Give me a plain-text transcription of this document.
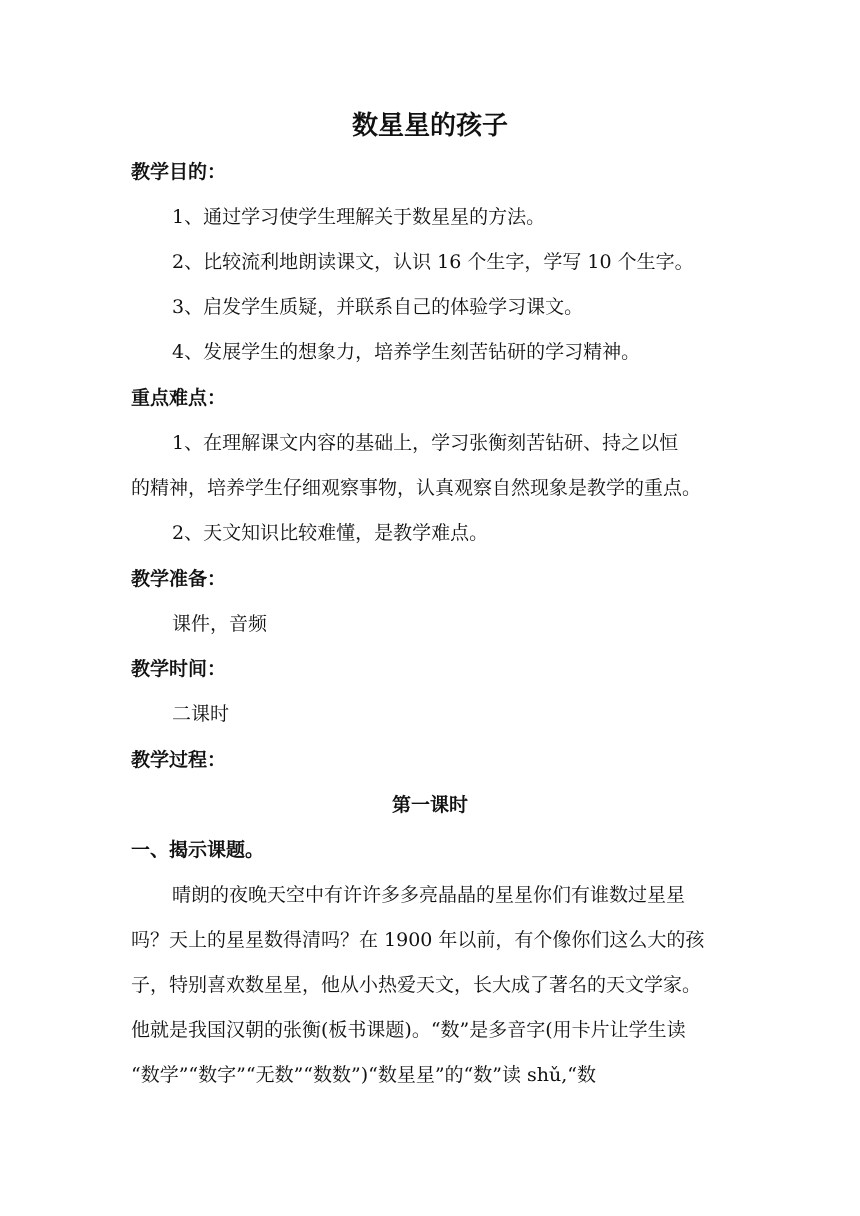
数星星的孩子
教学目的：
1、通过学习使学生理解关于数星星的方法。
2、比较流利地朗读课文，认识 16 个生字，学写 10 个生字。
3、启发学生质疑，并联系自己的体验学习课文。
4、发展学生的想象力，培养学生刻苦钻研的学习精神。
重点难点：
1、在理解课文内容的基础上，学习张衡刻苦钻研、持之以恒
的精神，培养学生仔细观察事物，认真观察自然现象是教学的重点。
2、天文知识比较难懂，是教学难点。
教学准备：
课件，音频
教学时间：
二课时
教学过程：
第一课时
一、揭示课题。
晴朗的夜晚天空中有许许多多亮晶晶的星星你们有谁数过星星
吗？天上的星星数得清吗？在 1900 年以前，有个像你们这么大的孩
子，特别喜欢数星星，他从小热爱天文，长大成了著名的天文学家。
他就是我国汉朝的张衡(板书课题)。“数”是多音字(用卡片让学生读
“数学”“数字”“无数”“数数”)“数星星”的“数”读 shǔ,“数
